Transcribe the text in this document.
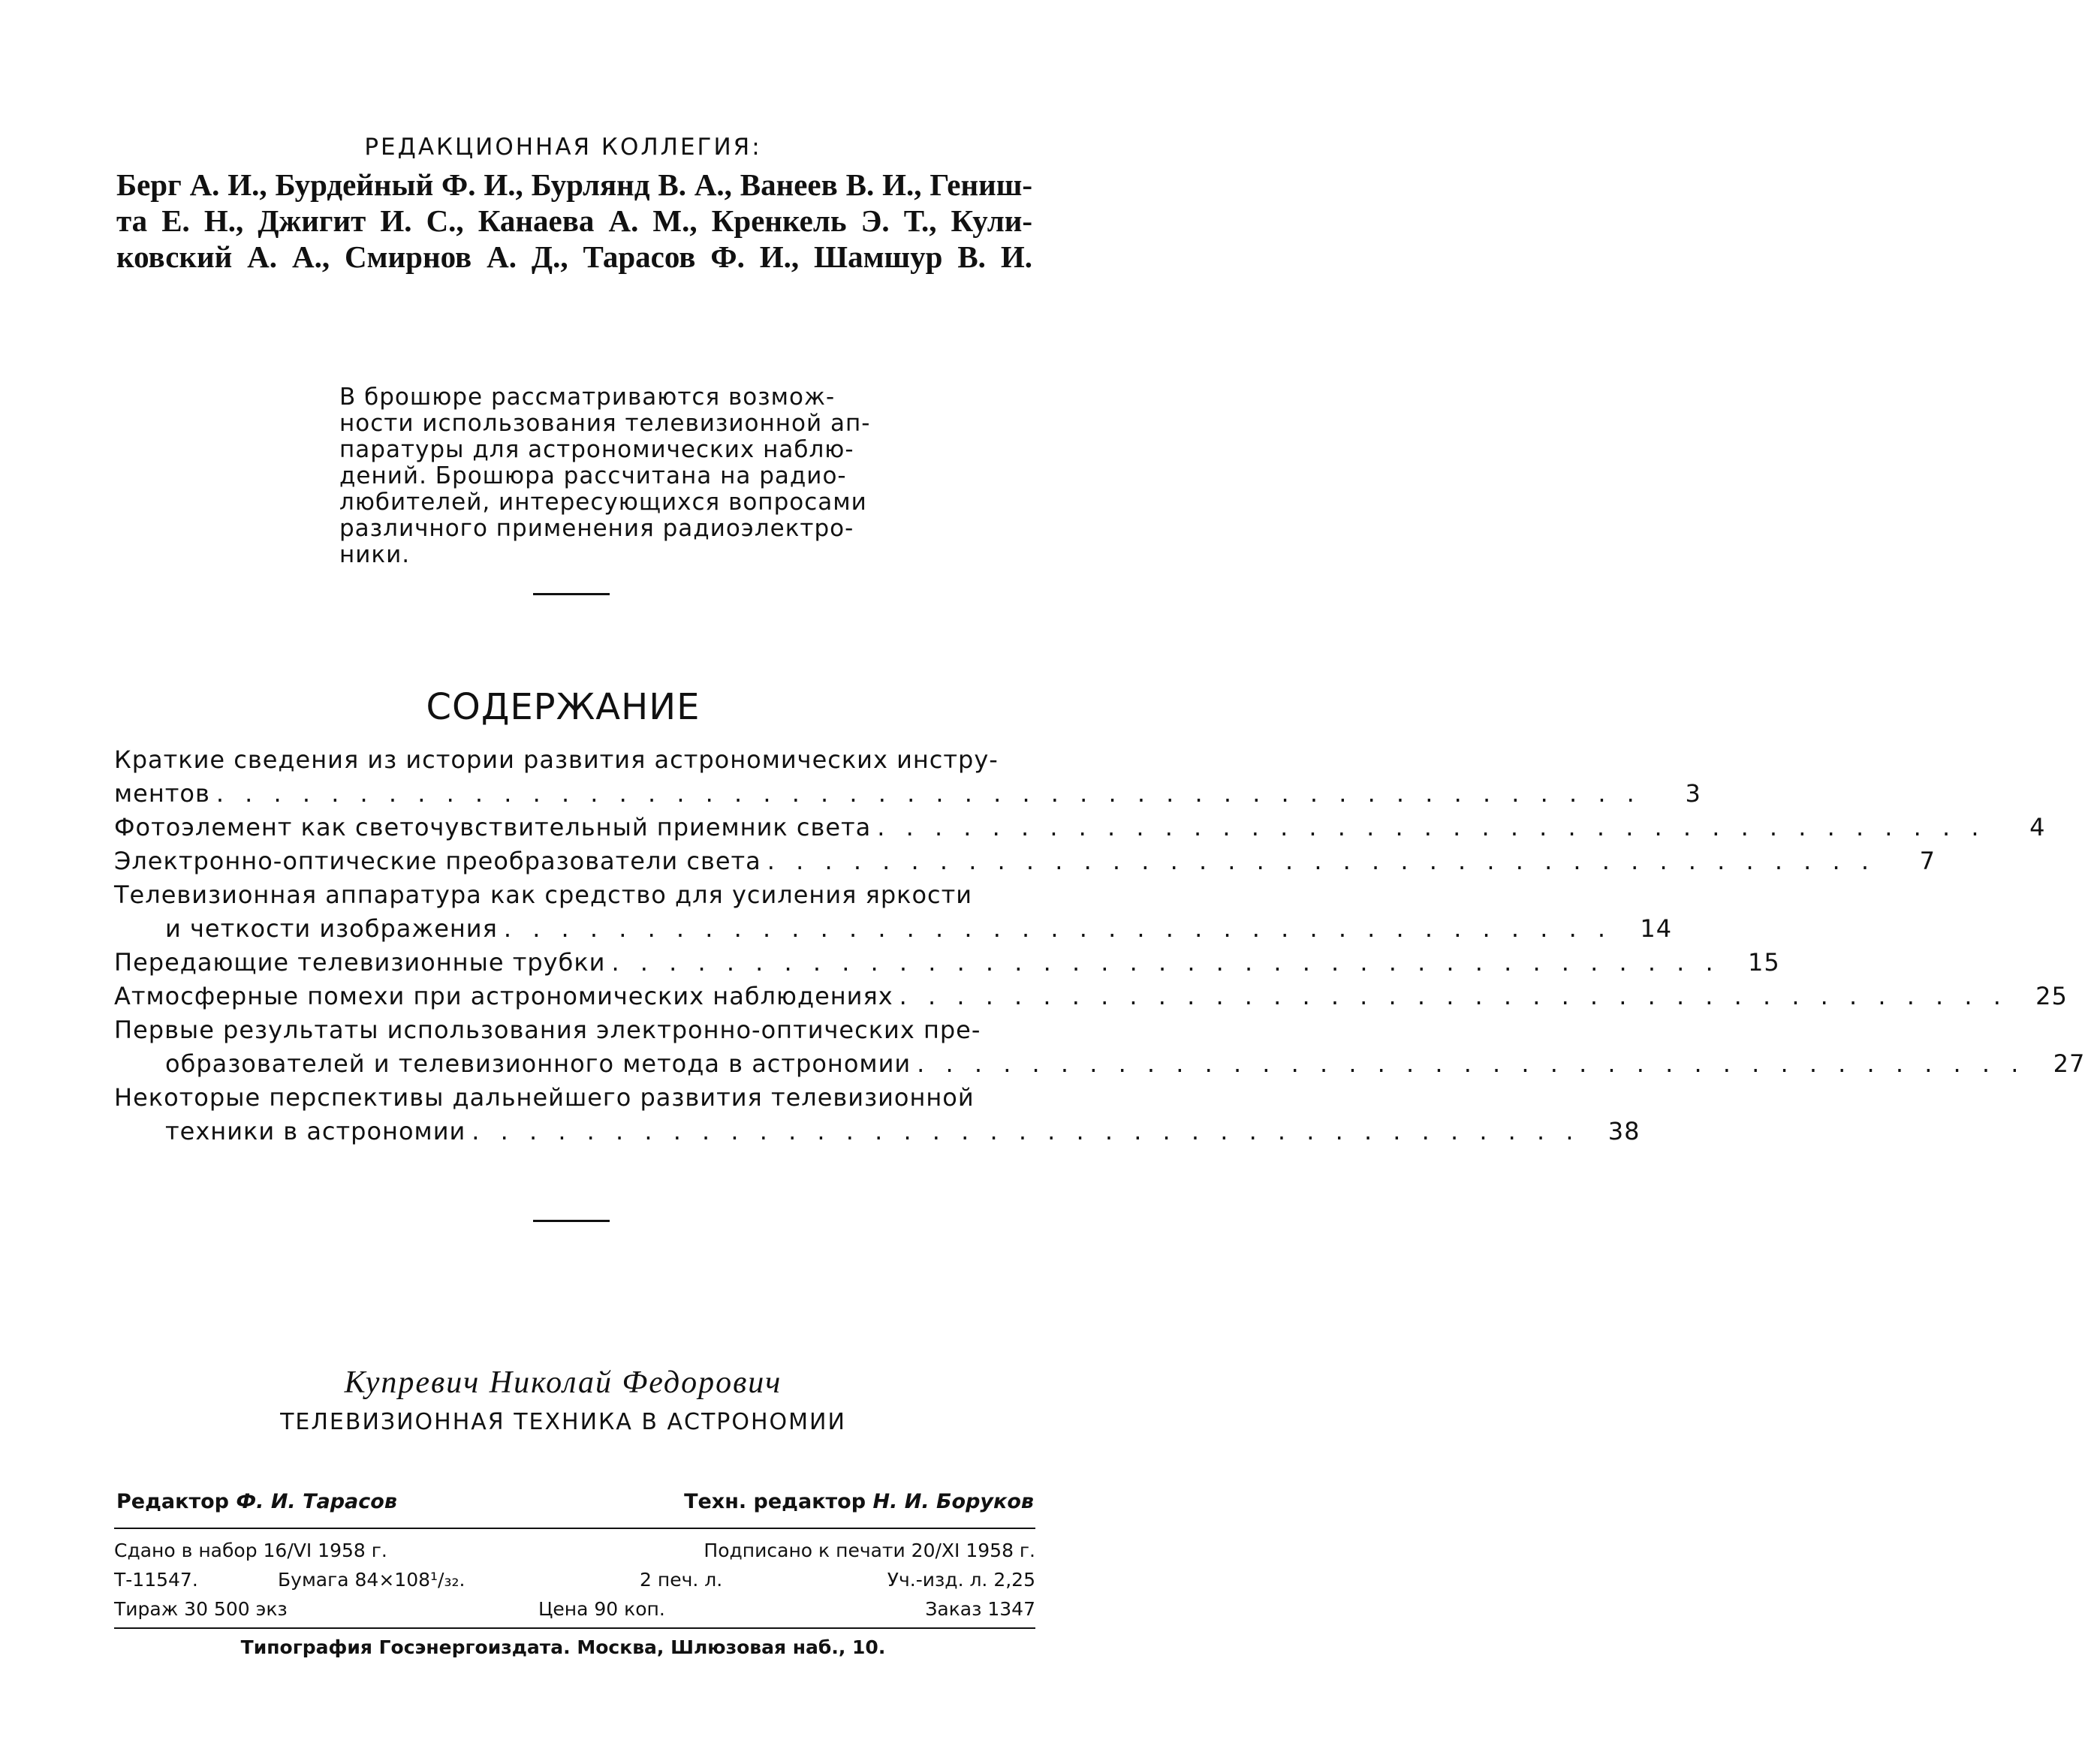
РЕДАКЦИОННАЯ КОЛЛЕГИЯ:
Берг А. И., Бурдейный Ф. И., Бурлянд В. А., Ванеев В. И., Гениш-
та Е. Н., Джигит И. С., Канаева А. М., Кренкель Э. Т., Кули-
ковский А. А., Смирнов А. Д., Тарасов Ф. И., Шамшур В. И.
В брошюре рассматриваются возмож-
ности использования телевизионной ап-
паратуры для астрономических наблю-
дений. Брошюра рассчитана на радио-
любителей, интересующихся вопросами
различного применения радиоэлектро-
ники.
СОДЕРЖАНИЕ
Краткие сведения из истории развития астрономических инстру-
ментов . . . . . . . . . . . . . . . . . . . . . . . . . . . . . . . . . . . . . . . . . . . . . . . . . .	3
Фотоэлемент как светочувствительный приемник света . . . . . . . . . . . . . . . . . . . . . . . . . . . . . . . . . . . . . . .	4
Электронно-оптические преобразователи света . . . . . . . . . . . . . . . . . . . . . . . . . . . . . . . . . . . . . . .	7
Телевизионная аппаратура как средство для усиления яркости
и четкости изображения . . . . . . . . . . . . . . . . . . . . . . . . . . . . . . . . . . . . . . . 14
Передающие телевизионные трубки . . . . . . . . . . . . . . . . . . . . . . . . . . . . . . . . . . . . . . . 15
Атмосферные помехи при астрономических наблюдениях . . . . . . . . . . . . . . . . . . . . . . . . . . . . . . . . . . . . . . . 25
Первые результаты использования электронно-оптических пре-
образователей и телевизионного метода в астрономии . . . . . . . . . . . . . . . . . . . . . . . . . . . . . . . . . . . . . . . 27
Некоторые перспективы дальнейшего развития телевизионной
техники в астрономии . . . . . . . . . . . . . . . . . . . . . . . . . . . . . . . . . . . . . . . 38
Купревич Николай Федорович
ТЕЛЕВИЗИОННАЯ ТЕХНИКА В АСТРОНОМИИ
Редактор Ф. И. Тарасов	Техн. редактор Н. И. Боруков
Сдано в набор 16/VI 1958 г.	Подписано к печати 20/XI 1958 г.
Т-11547.	Бумага 84×108¹/₃₂.	2 печ. л.	Уч.-изд. л. 2,25
Тираж 30 500 экз	Цена 90 коп.	Заказ 1347
Типография Госэнергоиздата. Москва, Шлюзовая наб., 10.
